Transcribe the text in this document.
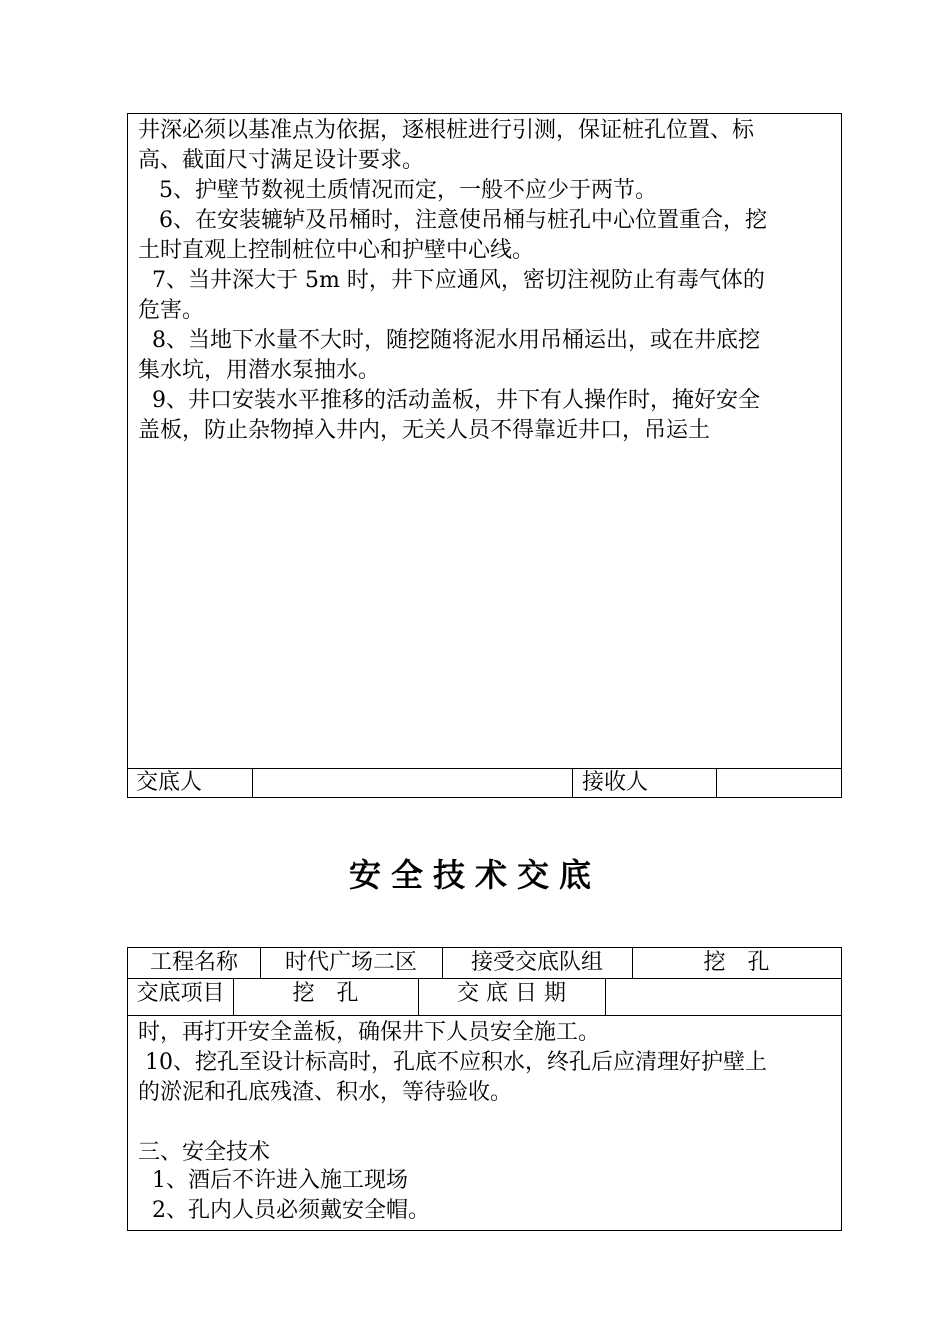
井深必须以基准点为依据，逐根桩进行引测，保证桩孔位置、标
高、截面尺寸满足设计要求。
5、护壁节数视土质情况而定，一般不应少于两节。
6、在安装辘轳及吊桶时，注意使吊桶与桩孔中心位置重合，挖
土时直观上控制桩位中心和护壁中心线。
7、当井深大于 5m 时，井下应通风，密切注视防止有毒气体的
危害。
8、当地下水量不大时，随挖随将泥水用吊桶运出，或在井底挖
集水坑，用潜水泵抽水。
9、井口安装水平推移的活动盖板，井下有人操作时，掩好安全
盖板，防止杂物掉入井内，无关人员不得靠近井口，吊运土
交底人	接收人
安全技术交底
工程名称	时代广场二区	接受交底队组	挖　孔
交底项目	挖　孔	交 底 日 期
时，再打开安全盖板，确保井下人员安全施工。
10、挖孔至设计标高时，孔底不应积水，终孔后应清理好护壁上
的淤泥和孔底残渣、积水，等待验收。
三、安全技术
1、酒后不许进入施工现场
2、孔内人员必须戴安全帽。
